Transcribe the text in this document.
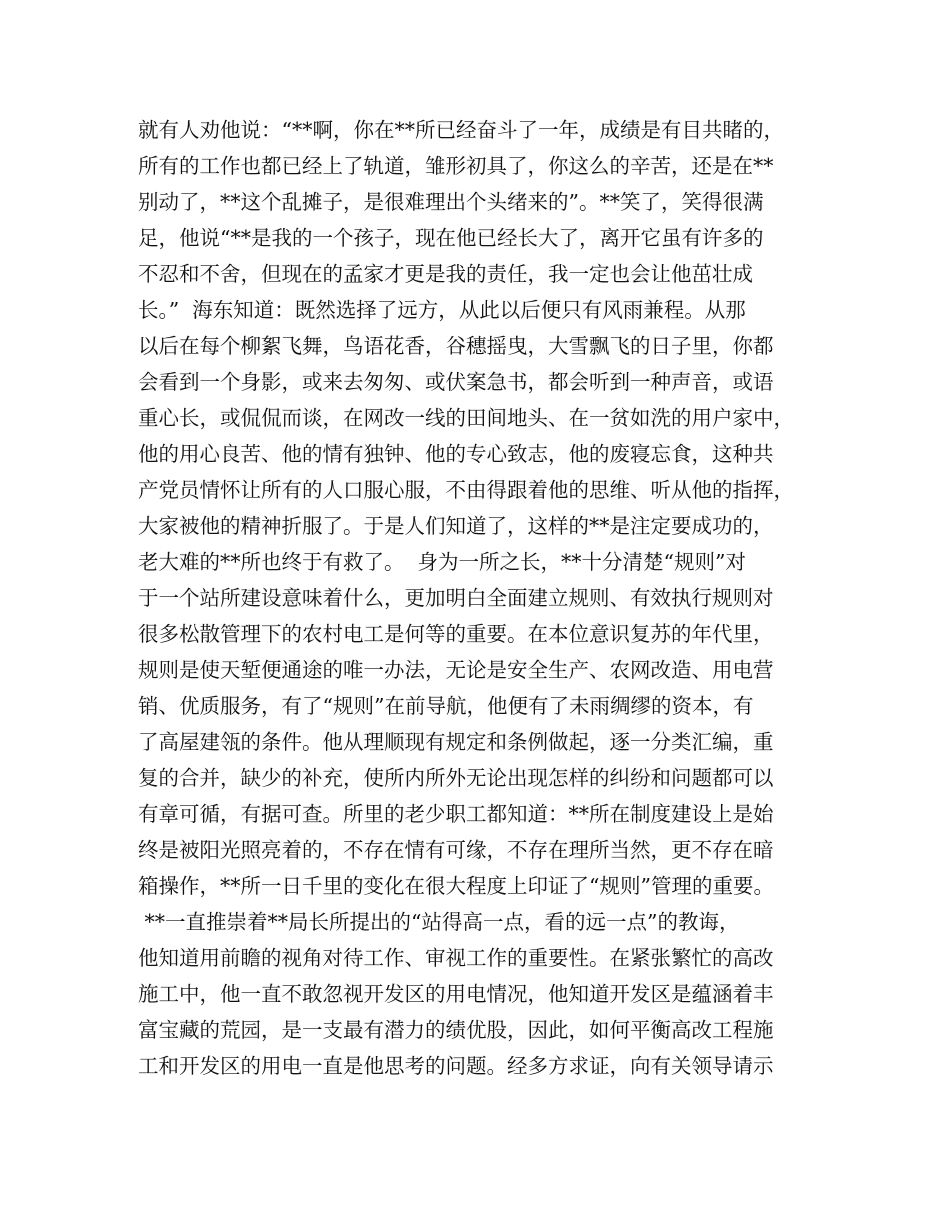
就有人劝他说：“**啊，你在**所已经奋斗了一年，成绩是有目共睹的，
所有的工作也都已经上了轨道，雏形初具了，你这么的辛苦，还是在**
别动了，**这个乱摊子，是很难理出个头绪来的”。**笑了，笑得很满
足，他说“**是我的一个孩子，现在他已经长大了，离开它虽有许多的
不忍和不舍，但现在的孟家才更是我的责任，我一定也会让他茁壮成
长。”  海东知道：既然选择了远方，从此以后便只有风雨兼程。从那
以后在每个柳絮飞舞，鸟语花香，谷穗摇曳，大雪飘飞的日子里，你都
会看到一个身影，或来去匆匆、或伏案急书，都会听到一种声音，或语
重心长，或侃侃而谈，在网改一线的田间地头、在一贫如洗的用户家中，
他的用心良苦、他的情有独钟、他的专心致志，他的废寝忘食，这种共
产党员情怀让所有的人口服心服，不由得跟着他的思维、听从他的指挥，
大家被他的精神折服了。于是人们知道了，这样的**是注定要成功的，
老大难的**所也终于有救了。  身为一所之长，**十分清楚“规则”对
于一个站所建设意味着什么，更加明白全面建立规则、有效执行规则对
很多松散管理下的农村电工是何等的重要。在本位意识复苏的年代里，
规则是使天堑便通途的唯一办法，无论是安全生产、农网改造、用电营
销、优质服务，有了“规则”在前导航，他便有了未雨绸缪的资本，有
了高屋建瓴的条件。他从理顺现有规定和条例做起，逐一分类汇编，重
复的合并，缺少的补充，使所内所外无论出现怎样的纠纷和问题都可以
有章可循，有据可查。所里的老少职工都知道：**所在制度建设上是始
终是被阳光照亮着的，不存在情有可缘，不存在理所当然，更不存在暗
箱操作，**所一日千里的变化在很大程度上印证了“规则”管理的重要。
**一直推崇着**局长所提出的“站得高一点，看的远一点”的教诲，
他知道用前瞻的视角对待工作、审视工作的重要性。在紧张繁忙的高改
施工中，他一直不敢忽视开发区的用电情况，他知道开发区是蕴涵着丰
富宝藏的荒园，是一支最有潜力的绩优股，因此，如何平衡高改工程施
工和开发区的用电一直是他思考的问题。经多方求证，向有关领导请示
